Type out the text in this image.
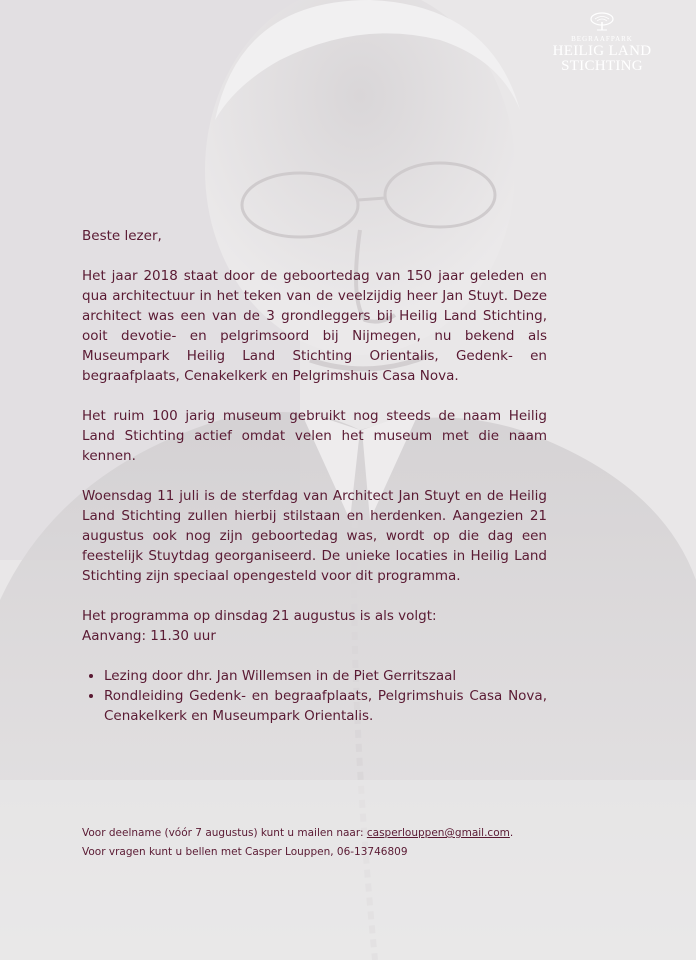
BEGRAAFPARK
HEILIG LAND
STICHTING

Beste lezer,

Het jaar 2018 staat door de geboortedag van 150 jaar geleden en qua architectuur in het teken van de veelzijdig heer Jan Stuyt. Deze architect was een van de 3 grondleggers bij Heilig Land Stichting, ooit devotie- en pelgrimsoord bij Nijmegen, nu bekend als Museumpark Heilig Land Stichting Orientalis, Gedenk- en begraafplaats, Cenakelkerk en Pelgrimshuis Casa Nova.

Het ruim 100 jarig museum gebruikt nog steeds de naam Heilig Land Stichting actief omdat velen het museum met die naam kennen.

Woensdag 11 juli is de sterfdag van Architect Jan Stuyt en de Heilig Land Stichting zullen hierbij stilstaan en herdenken. Aangezien 21 augustus ook nog zijn geboortedag was, wordt op die dag een feestelijk Stuytdag georganiseerd. De unieke locaties in Heilig Land Stichting zijn speciaal opengesteld voor dit programma.

Het programma op dinsdag 21 augustus is als volgt:

Aanvang: 11.30 uur

• Lezing door dhr. Jan Willemsen in de Piet Gerritszaal
• Rondleiding Gedenk- en begraafplaats, Pelgrimshuis Casa Nova, Cenakelkerk en Museumpark Orientalis.
Voor deelname (vóór 7 augustus) kunt u mailen naar: casperlouppen@gmail.com.
Voor vragen kunt u bellen met Casper Louppen, 06-13746809
